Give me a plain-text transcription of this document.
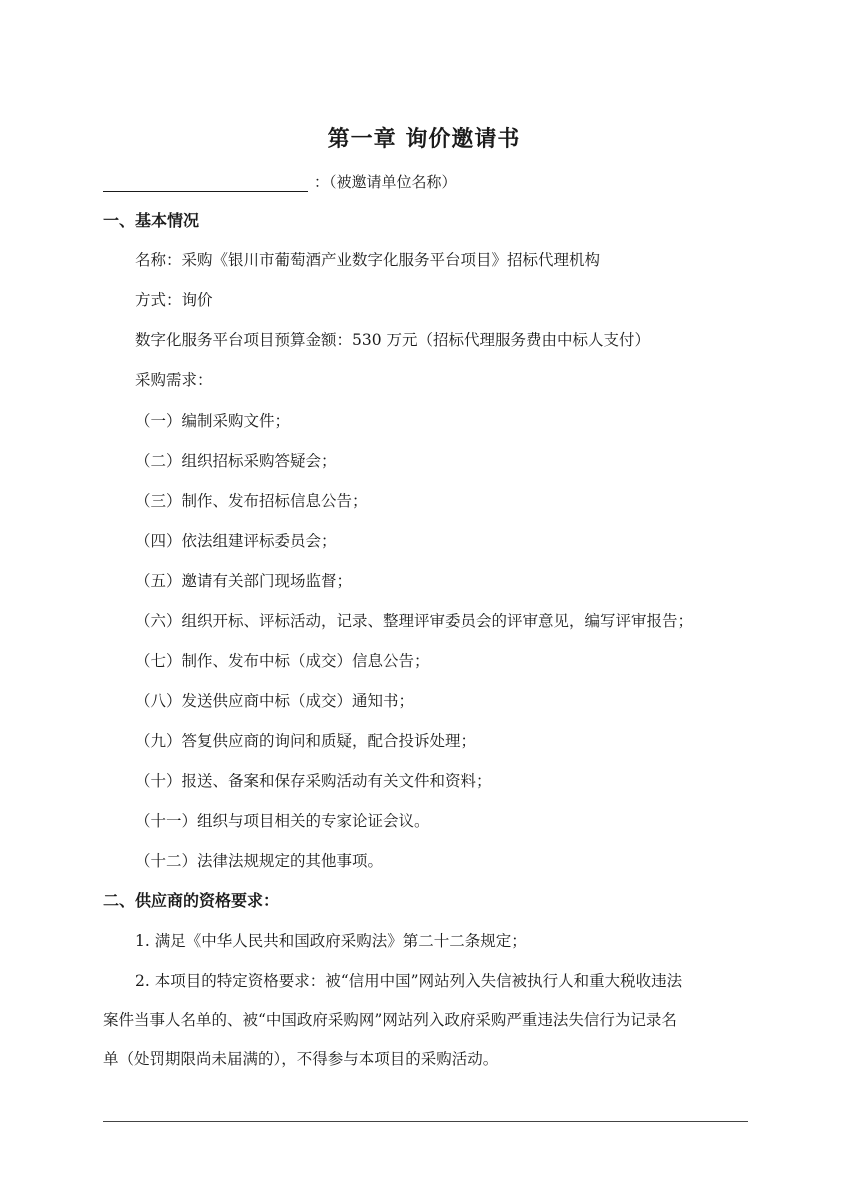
第一章 询价邀请书
：（被邀请单位名称）
一、基本情况
名称：采购《银川市葡萄酒产业数字化服务平台项目》招标代理机构
方式：询价
数字化服务平台项目预算金额：530 万元（招标代理服务费由中标人支付）
采购需求：
（一）编制采购文件；
（二）组织招标采购答疑会；
（三）制作、发布招标信息公告；
（四）依法组建评标委员会；
（五）邀请有关部门现场监督；
（六）组织开标、评标活动，记录、整理评审委员会的评审意见，编写评审报告；
（七）制作、发布中标（成交）信息公告；
（八）发送供应商中标（成交）通知书；
（九）答复供应商的询问和质疑，配合投诉处理；
（十）报送、备案和保存采购活动有关文件和资料；
（十一）组织与项目相关的专家论证会议。
（十二）法律法规规定的其他事项。
二、供应商的资格要求：
1. 满足《中华人民共和国政府采购法》第二十二条规定；
2. 本项目的特定资格要求：被“信用中国”网站列入失信被执行人和重大税收违法
案件当事人名单的、被“中国政府采购网”网站列入政府采购严重违法失信行为记录名
单（处罚期限尚未届满的），不得参与本项目的采购活动。
